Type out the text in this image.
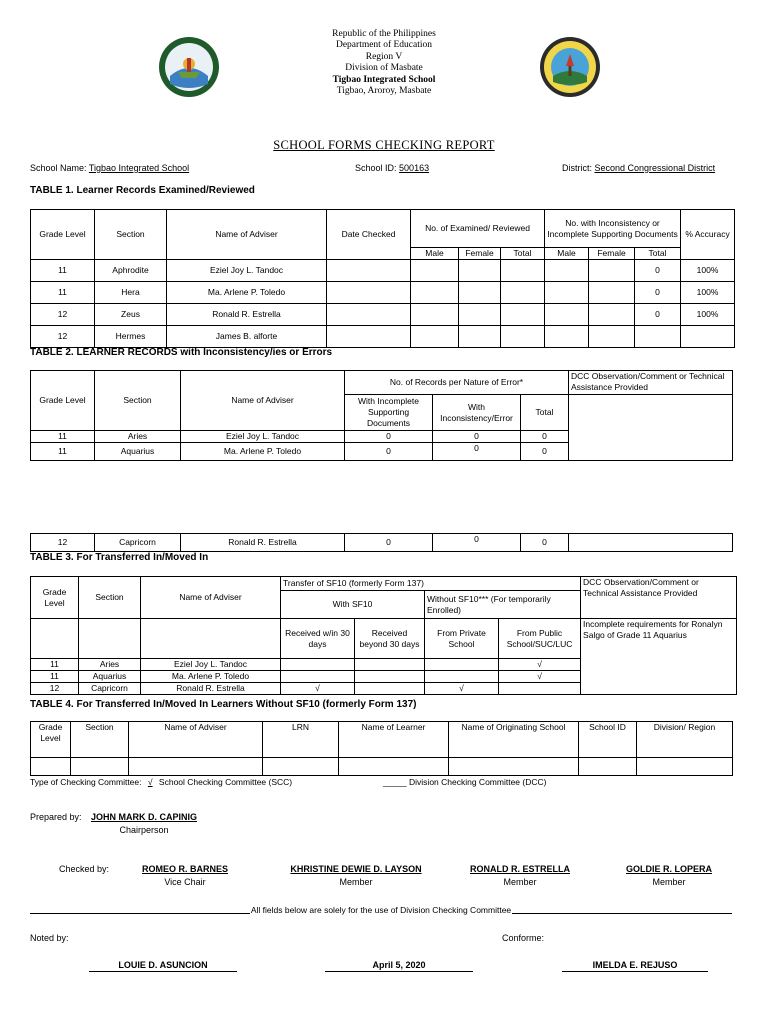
Republic of the Philippines
Department of Education
Region V
Division of Masbate
Tigbao Integrated School
Tigbao, Aroroy, Masbate
SCHOOL FORMS CHECKING REPORT
School Name: Tigbao Integrated School	School ID: 500163	District: Second Congressional District
TABLE 1. Learner Records Examined/Reviewed
Grade Level	Section	Name of Adviser	Date Checked	No. of Examined/ Reviewed			No. with Inconsistency or Incomplete Supporting Documents			% Accuracy
				Male	Female	Total	Male	Female	Total	
11	Aphrodite	Eziel Joy L. Tandoc							0	100%
11	Hera	Ma. Arlene P. Toledo							0	100%
12	Zeus	Ronald R. Estrella							0	100%
12	Hermes	James B. alforte								
TABLE 2. LEARNER RECORDS with Inconsistency/ies or Errors
Grade Level	Section	Name of Adviser	No. of Records per Nature of Error*			DCC Observation/Comment or Technical Assistance Provided
			With Incomplete Supporting Documents	With Inconsistency/Error	Total	
11	Aries	Eziel Joy L. Tandoc	0	0	0	
11	Aquarius	Ma. Arlene P. Toledo	0	0	0	
12	Capricorn	Ronald R. Estrella	0	0	0	
TABLE 3. For Transferred In/Moved In
Grade Level	Section	Name of Adviser	Transfer of SF10 (formerly Form 137)				DCC Observation/Comment or Technical Assistance Provided
			With SF10		Without SF10*** (For temporarily Enrolled)		
			Received w/in 30 days	Received beyond 30 days	From Private School	From Public School/SUC/LUC	Incomplete requirements for Ronalyn Salgo of Grade 11 Aquarius
11	Aries	Eziel Joy L. Tandoc				√	
11	Aquarius	Ma. Arlene P. Toledo				√	
12	Capricorn	Ronald R. Estrella	√		√		
TABLE 4. For Transferred In/Moved In Learners Without SF10 (formerly Form 137)
Grade Level	Section	Name of Adviser	LRN	Name of Learner	Name of Originating School	School ID	Division/ Region

Type of Checking Committee: √ School Checking Committee (SCC)	_____ Division Checking Committee (DCC)
Prepared by:	JOHN MARK D. CAPINIG
Chairperson
Checked by:	ROMEO R. BARNES
Vice Chair
KHRISTINE DEWIE D. LAYSON
Member
RONALD R. ESTRELLA
Member
GOLDIE R. LOPERA
Member
All fields below are solely for the use of Division Checking Committee
Noted by:	Conforme:
LOUIE D. ASUNCION	April 5, 2020	IMELDA E. REJUSO
